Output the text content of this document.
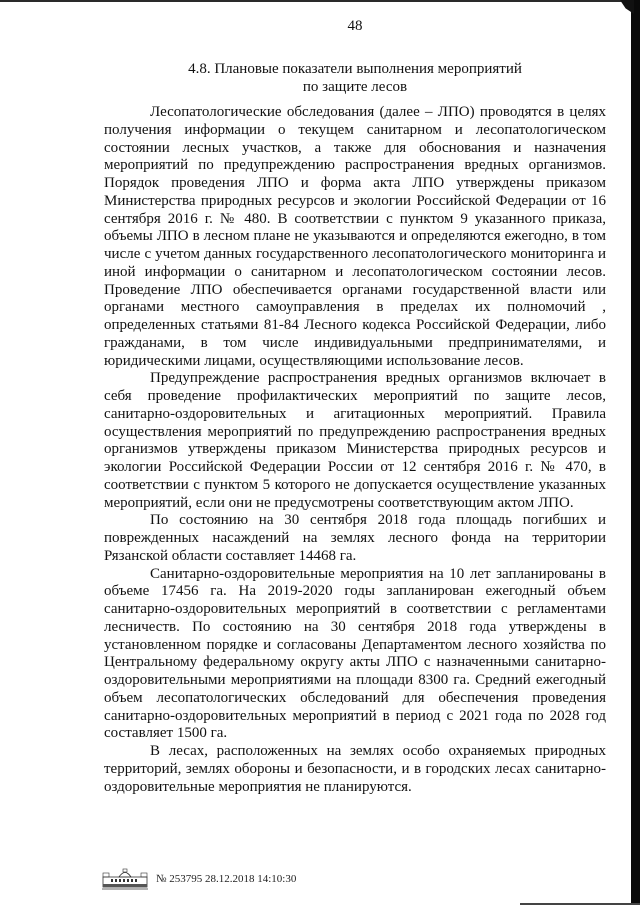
48
4.8. Плановые показатели выполнения мероприятий
по защите лесов

Лесопатологические обследования (далее – ЛПО) проводятся в целях получения информации о текущем санитарном и лесопатологическом состоянии лесных участков, а также для обоснования и назначения мероприятий по предупреждению распространения вредных организмов. Порядок проведения ЛПО и форма акта ЛПО утверждены приказом Министерства природных ресурсов и экологии Российской Федерации от 16 сентября 2016 г. № 480. В соответствии с пунктом 9 указанного приказа, объемы ЛПО в лесном плане не указываются и определяются ежегодно, в том числе с учетом данных государственного лесопатологического мониторинга и иной информации о санитарном и лесопатологическом состоянии лесов. Проведение ЛПО обеспечивается органами государственной власти или органами местного самоуправления в пределах их полномочий , определенных статьями 81-84 Лесного кодекса Российской Федерации, либо гражданами, в том числе индивидуальными предпринимателями, и юридическими лицами, осуществляющими использование лесов.

Предупреждение распространения вредных организмов включает в себя проведение профилактических мероприятий по защите лесов, санитарно-оздоровительных и агитационных мероприятий. Правила осуществления мероприятий по предупреждению распространения вредных организмов утверждены приказом Министерства природных ресурсов и экологии Российской Федерации России от 12 сентября 2016 г. № 470, в соответствии с пунктом 5 которого не допускается осуществление указанных мероприятий, если они не предусмотрены соответствующим актом ЛПО.

По состоянию на 30 сентября 2018 года площадь погибших и поврежденных насаждений на землях лесного фонда на территории Рязанской области составляет 14468 га.

Санитарно-оздоровительные мероприятия на 10 лет запланированы в объеме 17456 га. На 2019-2020 годы запланирован ежегодный объем санитарно-оздоровительных мероприятий в соответствии с регламентами лесничеств. По состоянию на 30 сентября 2018 года утверждены в установленном порядке и согласованы Департаментом лесного хозяйства по Центральному федеральному округу акты ЛПО с назначенными санитарно-оздоровительными мероприятиями на площади 8300 га. Средний ежегодный объем лесопатологических обследований для обеспечения проведения санитарно-оздоровительных мероприятий в период с 2021 года по 2028 год составляет 1500 га.

В лесах, расположенных на землях особо охраняемых природных территорий, землях обороны и безопасности, и в городских лесах санитарно-оздоровительные мероприятия не планируются.

№ 253795 28.12.2018 14:10:30
